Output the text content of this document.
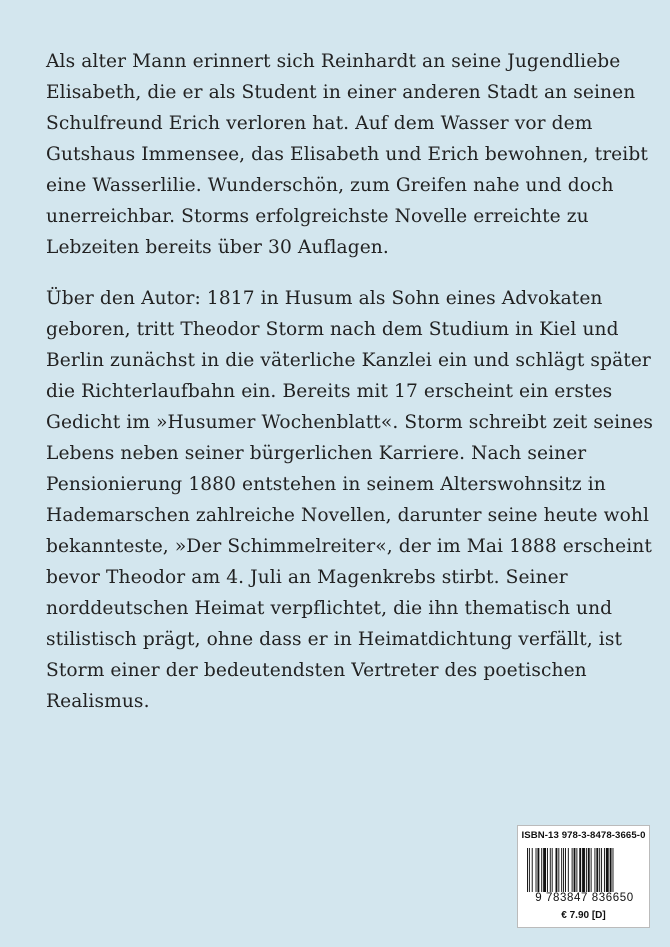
Als alter Mann erinnert sich Reinhardt an seine Jugendliebe
Elisabeth, die er als Student in einer anderen Stadt an seinen
Schulfreund Erich verloren hat. Auf dem Wasser vor dem
Gutshaus Immensee, das Elisabeth und Erich bewohnen, treibt
eine Wasserlilie. Wunderschön, zum Greifen nahe und doch
unerreichbar. Storms erfolgreichste Novelle erreichte zu
Lebzeiten bereits über 30 Auflagen.

Über den Autor: 1817 in Husum als Sohn eines Advokaten
geboren, tritt Theodor Storm nach dem Studium in Kiel und
Berlin zunächst in die väterliche Kanzlei ein und schlägt später
die Richterlaufbahn ein. Bereits mit 17 erscheint ein erstes
Gedicht im »Husumer Wochenblatt«. Storm schreibt zeit seines
Lebens neben seiner bürgerlichen Karriere. Nach seiner
Pensionierung 1880 entstehen in seinem Alterswohnsitz in
Hademarschen zahlreiche Novellen, darunter seine heute wohl
bekannteste, »Der Schimmelreiter«, der im Mai 1888 erscheint
bevor Theodor am 4. Juli an Magenkrebs stirbt. Seiner
norddeutschen Heimat verpflichtet, die ihn thematisch und
stilistisch prägt, ohne dass er in Heimatdichtung verfällt, ist
Storm einer der bedeutendsten Vertreter des poetischen
Realismus.

ISBN-13 978-3-8478-3665-0
9 783847 836650
€ 7.90 [D]
